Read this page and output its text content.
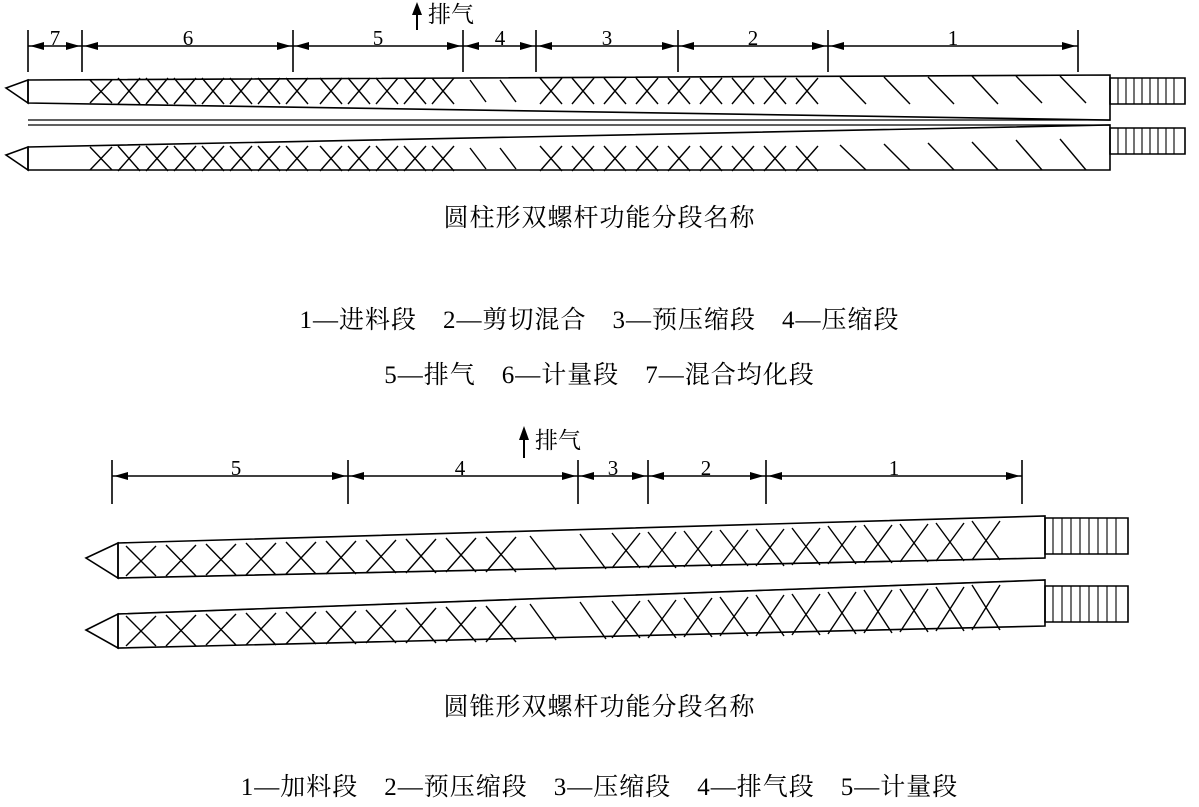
7	6	5	4	3	2	1
排气
圆柱形双螺杆功能分段名称
1—进料段　2—剪切混合　3—预压缩段　4—压缩段
5—排气　6—计量段　7—混合均化段
5	4	3	2	1
排气
圆锥形双螺杆功能分段名称
1—加料段　2—预压缩段　3—压缩段　4—排气段　5—计量段
